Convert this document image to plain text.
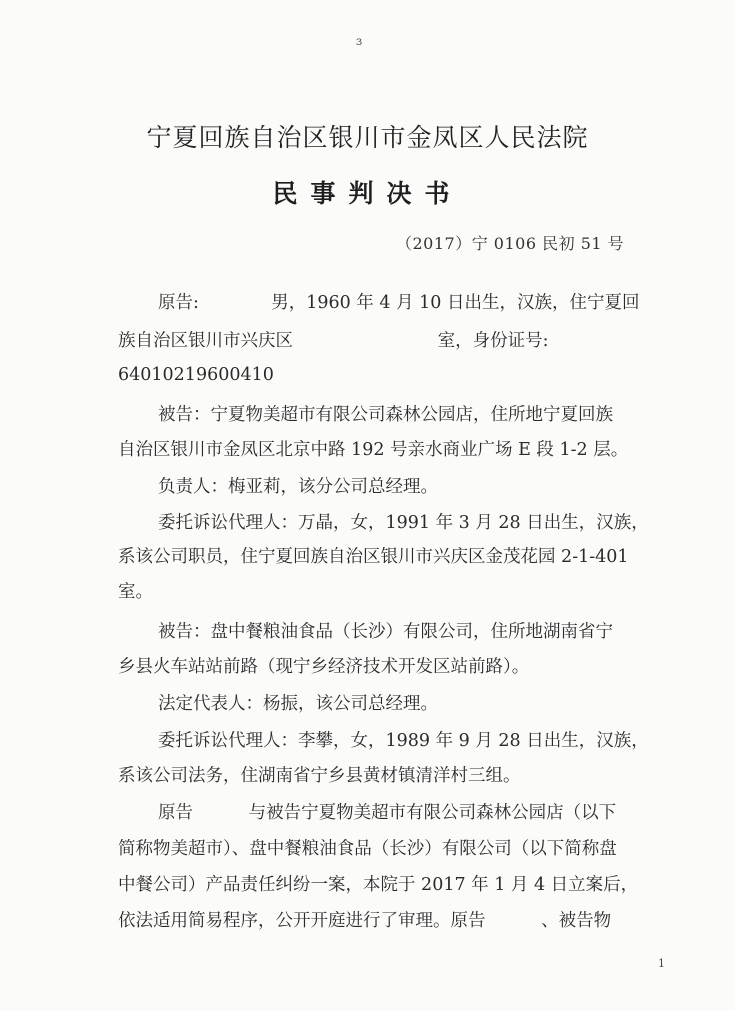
ɜ
宁夏回族自治区银川市金凤区人民法院
民事判决书
（2017）宁 0106 民初 51 号
原告:             男，1960 年 4 月 10 日出生，汉族，住宁夏回
族自治区银川市兴庆区                          室，身份证号:
64010219600410
被告：宁夏物美超市有限公司森林公园店，住所地宁夏回族
自治区银川市金凤区北京中路 192 号亲水商业广场 E 段 1-2 层。
负责人：梅亚莉，该分公司总经理。
委托诉讼代理人：万晶，女，1991 年 3 月 28 日出生，汉族，
系该公司职员，住宁夏回族自治区银川市兴庆区金茂花园 2-1-401
室。
被告：盘中餐粮油食品（长沙）有限公司，住所地湖南省宁
乡县火车站站前路（现宁乡经济技术开发区站前路）。
法定代表人：杨振，该公司总经理。
委托诉讼代理人：李攀，女，1989 年 9 月 28 日出生，汉族，
系该公司法务，住湖南省宁乡县黄材镇清洋村三组。
原告          与被告宁夏物美超市有限公司森林公园店（以下
简称物美超市）、盘中餐粮油食品（长沙）有限公司（以下简称盘
中餐公司）产品责任纠纷一案，本院于 2017 年 1 月 4 日立案后，
依法适用简易程序，公开开庭进行了审理。原告          、被告物
1
